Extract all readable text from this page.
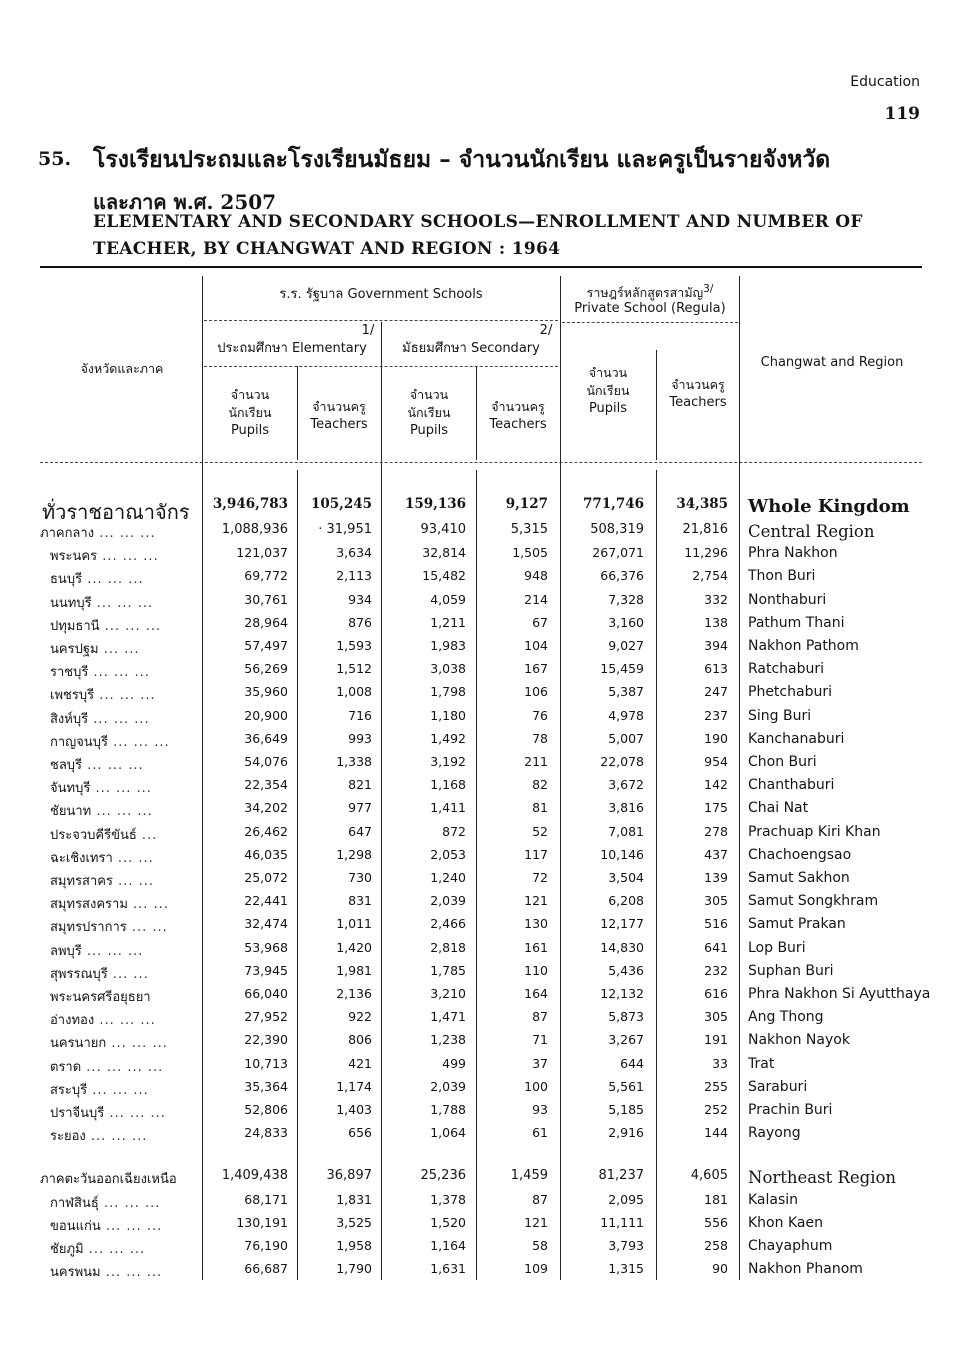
Education
119
55. โรงเรียนประถมและโรงเรียนมัธยม – จำนวนนักเรียน และครูเป็นรายจังหวัด
และภาค พ.ศ. 2507
ELEMENTARY AND SECONDARY SCHOOLS—ENROLLMENT AND NUMBER OF
TEACHER, BY CHANGWAT AND REGION : 1964
ร.ร. รัฐบาล Government Schools	ราษฎร์หลักสูตรสามัญ$^{3/}$
Private School (Regula)
1/
ประถมศึกษา Elementary
2/
มัธยมศึกษา Secondary
จังหวัดและภาค	Changwat and Region
จำนวน
นักเรียน
Pupils
จำนวนครู
Teachers
จำนวน
นักเรียน
Pupils
จำนวนครู
Teachers
จำนวน
นักเรียน
Pupils
จำนวนครู
Teachers
ทั่วราชอาณาจักร	3,946,783	105,245	159,136	9,127	771,746	34,385 Whole Kingdom
ภาคกลาง ... ... ...	1,088,936	· 31,951	93,410	5,315	508,319	21,816 Central Region
พระนคร ... ... ...	121,037	3,634	32,814	1,505	267,071	11,296 Phra Nakhon
ธนบุรี ... ... ...	69,772	2,113	15,482	948	66,376	2,754 Thon Buri
นนทบุรี ... ... ...	30,761	934	4,059	214	7,328	332 Nonthaburi
ปทุมธานี ... ... ...	28,964	876	1,211	67	3,160	138 Pathum Thani
นครปฐม ... ...	57,497	1,593	1,983	104	9,027	394 Nakhon Pathom
ราชบุรี ... ... ...	56,269	1,512	3,038	167	15,459	613 Ratchaburi
เพชรบุรี ... ... ...	35,960	1,008	1,798	106	5,387	247 Phetchaburi
สิงห์บุรี ... ... ...	20,900	716	1,180	76	4,978	237 Sing Buri
กาญจนบุรี ... ... ...	36,649	993	1,492	78	5,007	190 Kanchanaburi
ชลบุรี ... ... ...	54,076	1,338	3,192	211	22,078	954 Chon Buri
จันทบุรี ... ... ...	22,354	821	1,168	82	3,672	142 Chanthaburi
ชัยนาท ... ... ...	34,202	977	1,411	81	3,816	175 Chai Nat
ประจวบคีรีขันธ์ ...	26,462	647	872	52	7,081	278 Prachuap Kiri Khan
ฉะเชิงเทรา ... ...	46,035	1,298	2,053	117	10,146	437 Chachoengsao
สมุทรสาคร ... ...	25,072	730	1,240	72	3,504	139 Samut Sakhon
สมุทรสงคราม ... ...	22,441	831	2,039	121	6,208	305 Samut Songkhram
สมุทรปราการ ... ...	32,474	1,011	2,466	130	12,177	516 Samut Prakan
ลพบุรี ... ... ...	53,968	1,420	2,818	161	14,830	641 Lop Buri
สุพรรณบุรี ... ...	73,945	1,981	1,785	110	5,436	232 Suphan Buri
พระนครศรีอยุธยา	66,040	2,136	3,210	164	12,132	616 Phra Nakhon Si Ayutthaya
อ่างทอง ... ... ...	27,952	922	1,471	87	5,873	305 Ang Thong
นครนายก ... ... ...	22,390	806	1,238	71	3,267	191 Nakhon Nayok
ตราด ... ... ... ...	10,713	421	499	37	644	33 Trat
สระบุรี ... ... ...	35,364	1,174	2,039	100	5,561	255 Saraburi
ปราจีนบุรี ... ... ...	52,806	1,403	1,788	93	5,185	252 Prachin Buri
ระยอง ... ... ...	24,833	656	1,064	61	2,916	144 Rayong
ภาคตะวันออกเฉียงเหนือ	1,409,438	36,897	25,236	1,459	81,237	4,605 Northeast Region
กาฬสินธุ์ ... ... ...	68,171	1,831	1,378	87	2,095	181 Kalasin
ขอนแก่น ... ... ...	130,191	3,525	1,520	121	11,111	556 Khon Kaen
ชัยภูมิ ... ... ...	76,190	1,958	1,164	58	3,793	258 Chayaphum
นครพนม ... ... ...	66,687	1,790	1,631	109	1,315	90 Nakhon Phanom
